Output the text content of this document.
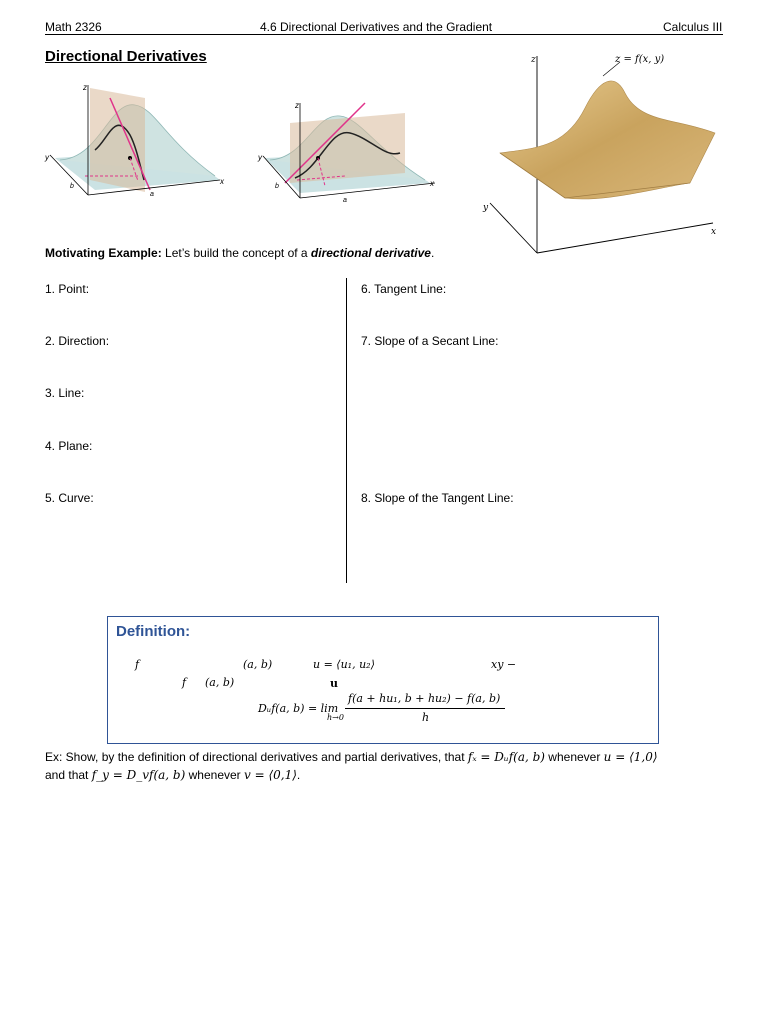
Math 2326	4.6 Directional Derivatives and the Gradient	Calculus III
Directional Derivatives
z
y
x
b
a
z
y
x
b
a
z
y
x
z = f(x, y)
Motivating Example: Let’s build the concept of a directional derivative.
1. Point:
2. Direction:
3. Line:
4. Plane:
5. Curve:
6. Tangent Line:
7. Slope of a Secant Line:
8. Slope of the Tangent Line:
Definition:
f	(a, b)	u = ⟨u₁, u₂⟩	xy −
f (a, b)	u
Dᵤf(a, b) = lim
h→0
f(a + hu₁, b + hu₂) − f(a, b)
h
Ex: Show, by the definition of directional derivatives and partial derivatives, that fₓ = Dᵤf(a, b) whenever u = ⟨1,0⟩
and that f_y = D_vf(a, b) whenever v = ⟨0,1⟩.
